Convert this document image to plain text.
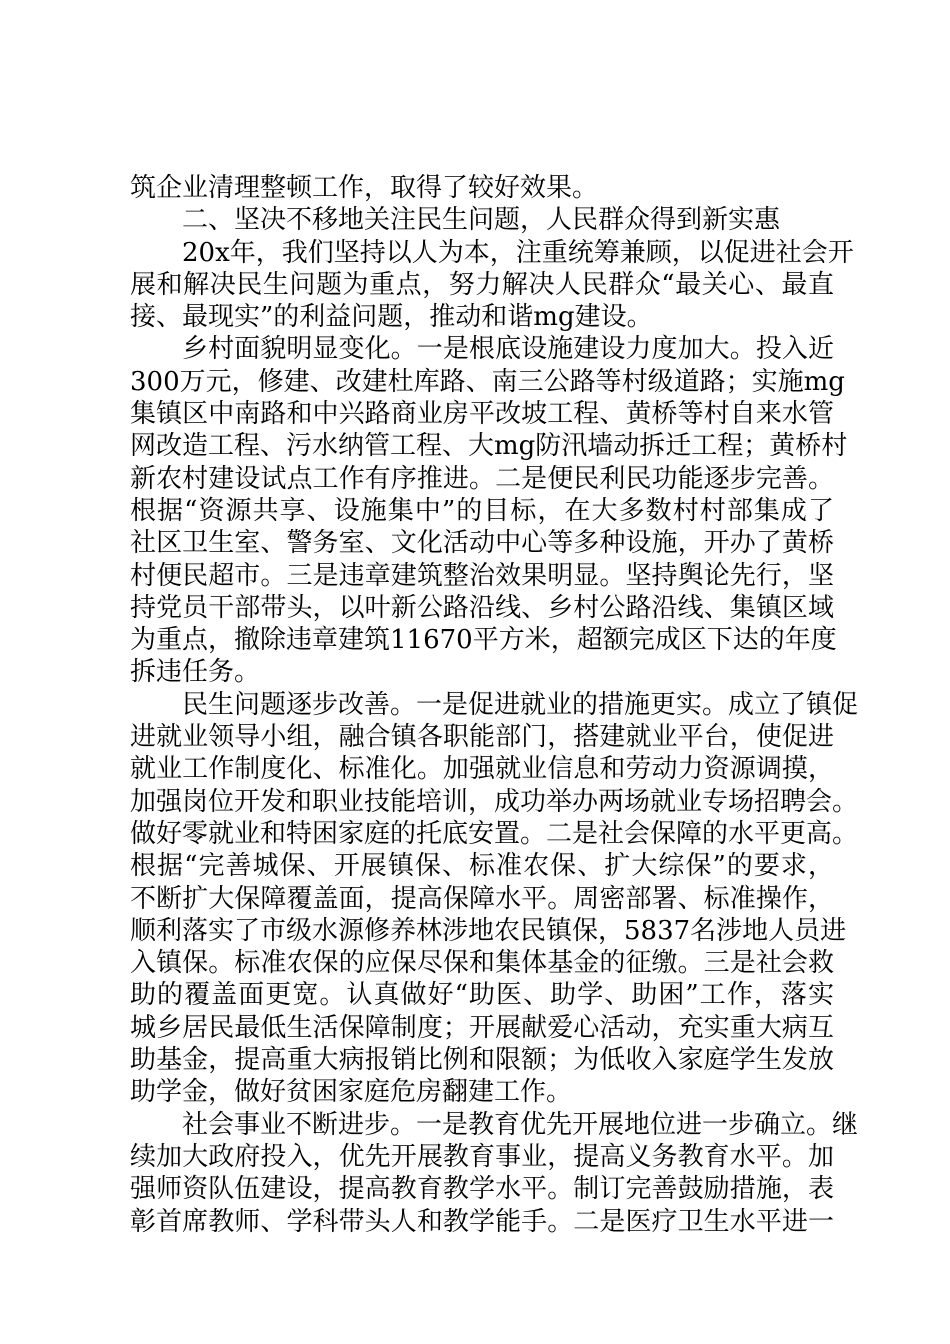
筑企业清理整顿工作，取得了较好效果。
二、坚决不移地关注民生问题，人民群众得到新实惠
20x年，我们坚持以人为本，注重统筹兼顾，以促进社会开
展和解决民生问题为重点，努力解决人民群众“最关心、最直
接、最现实”的利益问题，推动和谐mg建设。
乡村面貌明显变化。一是根底设施建设力度加大。投入近
300万元，修建、改建杜库路、南三公路等村级道路；实施mg
集镇区中南路和中兴路商业房平改坡工程、黄桥等村自来水管
网改造工程、污水纳管工程、大mg防汛墙动拆迁工程；黄桥村
新农村建设试点工作有序推进。二是便民利民功能逐步完善。
根据“资源共享、设施集中”的目标，在大多数村村部集成了
社区卫生室、警务室、文化活动中心等多种设施，开办了黄桥
村便民超市。三是违章建筑整治效果明显。坚持舆论先行，坚
持党员干部带头，以叶新公路沿线、乡村公路沿线、集镇区域
为重点，撤除违章建筑11670平方米，超额完成区下达的年度
拆违任务。
民生问题逐步改善。一是促进就业的措施更实。成立了镇促
进就业领导小组，融合镇各职能部门，搭建就业平台，使促进
就业工作制度化、标准化。加强就业信息和劳动力资源调摸，
加强岗位开发和职业技能培训，成功举办两场就业专场招聘会。
做好零就业和特困家庭的托底安置。二是社会保障的水平更高。
根据“完善城保、开展镇保、标准农保、扩大综保”的要求，
不断扩大保障覆盖面，提高保障水平。周密部署、标准操作，
顺利落实了市级水源修养林涉地农民镇保，5837名涉地人员进
入镇保。标准农保的应保尽保和集体基金的征缴。三是社会救
助的覆盖面更宽。认真做好“助医、助学、助困”工作，落实
城乡居民最低生活保障制度；开展献爱心活动，充实重大病互
助基金，提高重大病报销比例和限额；为低收入家庭学生发放
助学金，做好贫困家庭危房翻建工作。
社会事业不断进步。一是教育优先开展地位进一步确立。继
续加大政府投入，优先开展教育事业，提高义务教育水平。加
强师资队伍建设，提高教育教学水平。制订完善鼓励措施，表
彰首席教师、学科带头人和教学能手。二是医疗卫生水平进一
